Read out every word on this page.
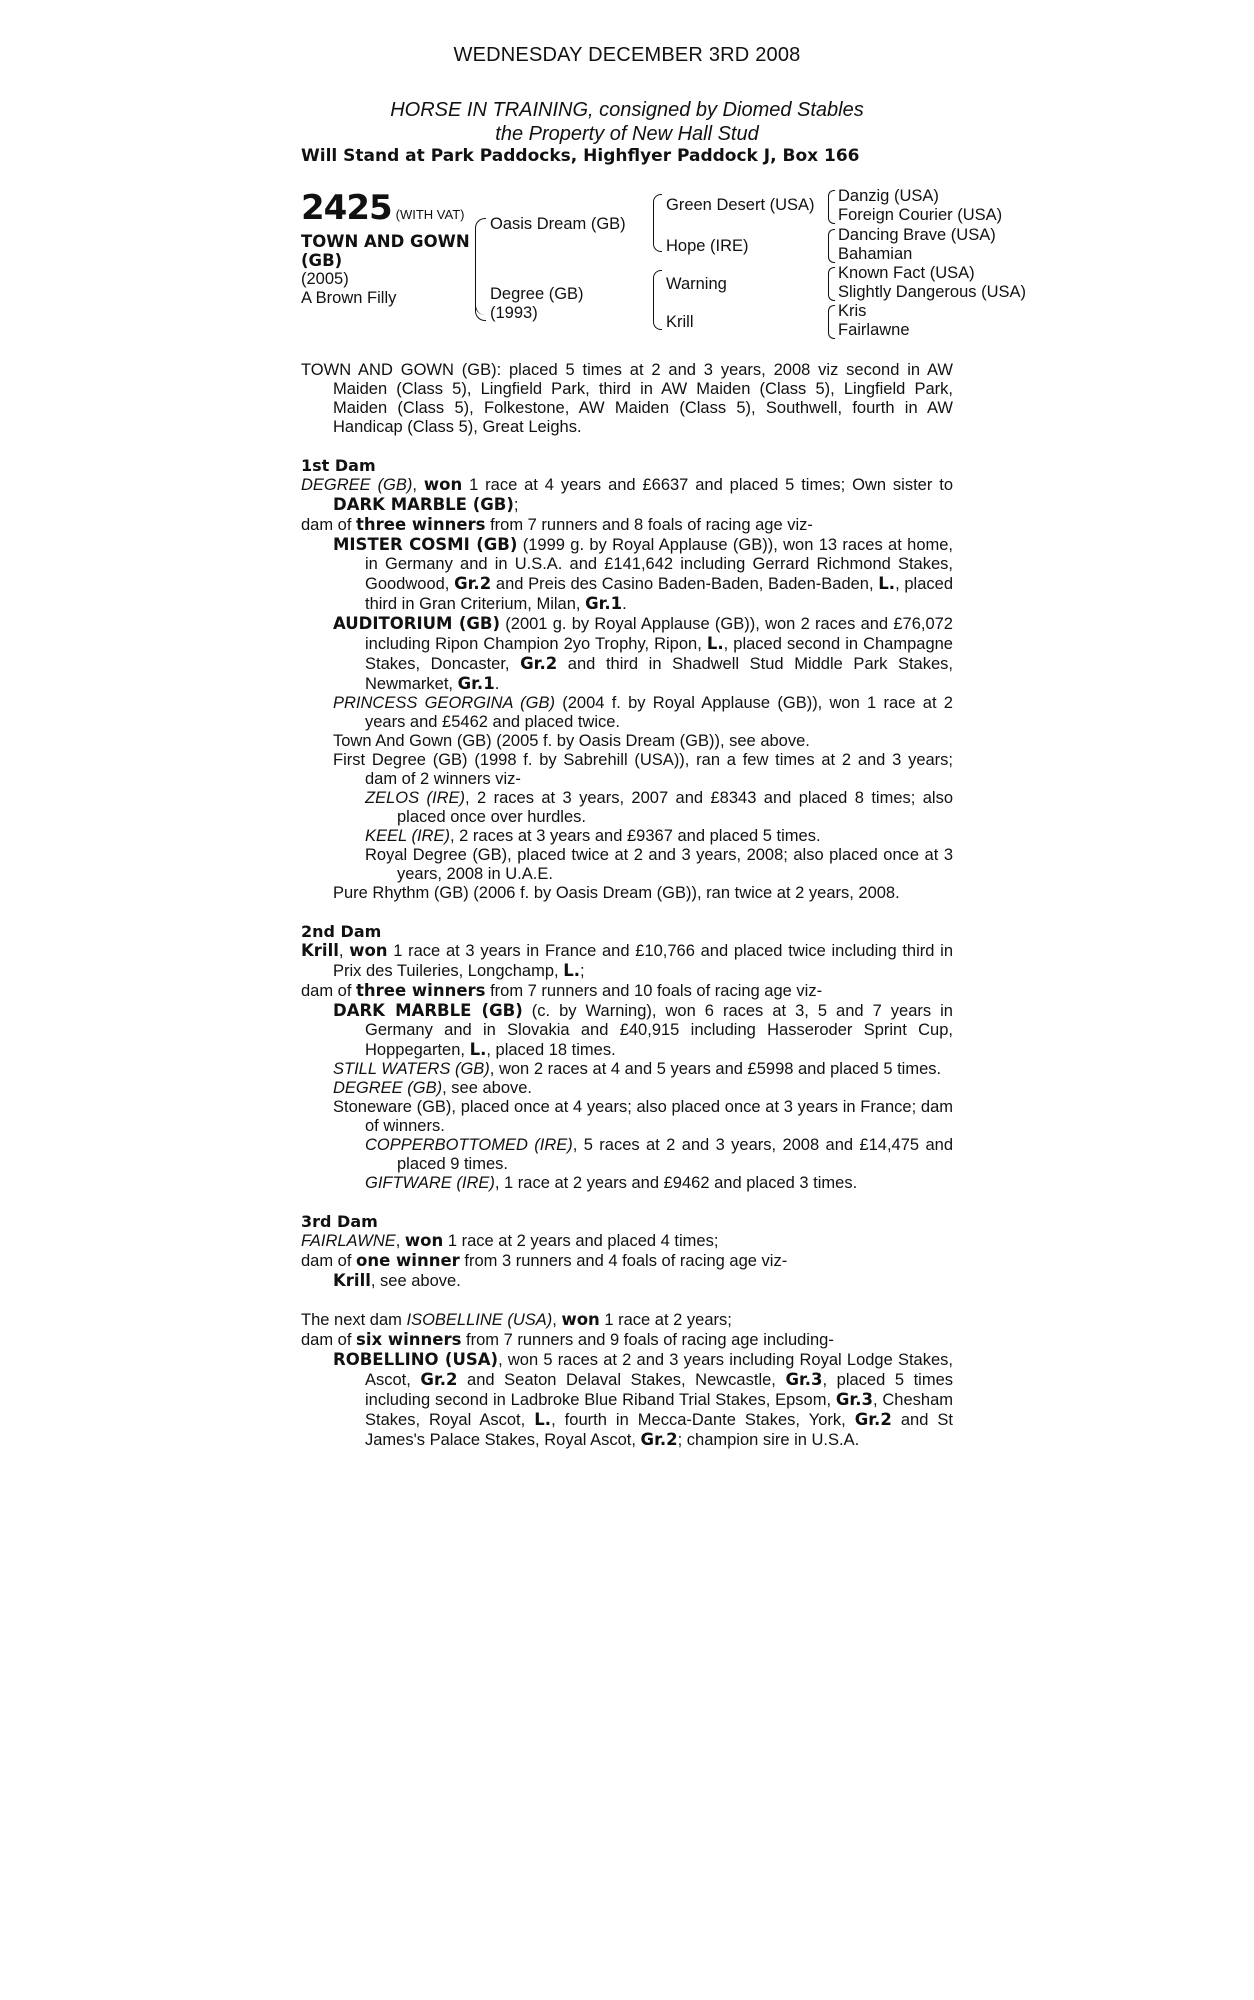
WEDNESDAY DECEMBER 3RD 2008
HORSE IN TRAINING, consigned by Diomed Stables
the Property of New Hall Stud
Will Stand at Park Paddocks, Highflyer Paddock J, Box 166
2425 (WITH VAT)
TOWN AND GOWN
(GB)
(2005)
A Brown Filly
Oasis Dream (GB)
Degree (GB)
(1993)
Green Desert (USA)
Hope (IRE)
Warning
Krill
Danzig (USA)
Foreign Courier (USA)
Dancing Brave (USA)
Bahamian
Known Fact (USA)
Slightly Dangerous (USA)
Kris
Fairlawne
TOWN AND GOWN (GB): placed 5 times at 2 and 3 years, 2008 viz second in AW Maiden (Class 5), Lingfield Park, third in AW Maiden (Class 5), Lingfield Park, Maiden (Class 5), Folkestone, AW Maiden (Class 5), Southwell, fourth in AW Handicap (Class 5), Great Leighs.
1st Dam
DEGREE (GB), won 1 race at 4 years and £6637 and placed 5 times; Own sister to DARK MARBLE (GB);
dam of three winners from 7 runners and 8 foals of racing age viz-
MISTER COSMI (GB) (1999 g. by Royal Applause (GB)), won 13 races at home, in Germany and in U.S.A. and £141,642 including Gerrard Richmond Stakes, Goodwood, Gr.2 and Preis des Casino Baden-Baden, Baden-Baden, L., placed third in Gran Criterium, Milan, Gr.1.
AUDITORIUM (GB) (2001 g. by Royal Applause (GB)), won 2 races and £76,072 including Ripon Champion 2yo Trophy, Ripon, L., placed second in Champagne Stakes, Doncaster, Gr.2 and third in Shadwell Stud Middle Park Stakes, Newmarket, Gr.1.
PRINCESS GEORGINA (GB) (2004 f. by Royal Applause (GB)), won 1 race at 2 years and £5462 and placed twice.
Town And Gown (GB) (2005 f. by Oasis Dream (GB)), see above.
First Degree (GB) (1998 f. by Sabrehill (USA)), ran a few times at 2 and 3 years; dam of 2 winners viz-
ZELOS (IRE), 2 races at 3 years, 2007 and £8343 and placed 8 times; also placed once over hurdles.
KEEL (IRE), 2 races at 3 years and £9367 and placed 5 times.
Royal Degree (GB), placed twice at 2 and 3 years, 2008; also placed once at 3 years, 2008 in U.A.E.
Pure Rhythm (GB) (2006 f. by Oasis Dream (GB)), ran twice at 2 years, 2008.
2nd Dam
Krill, won 1 race at 3 years in France and £10,766 and placed twice including third in Prix des Tuileries, Longchamp, L.;
dam of three winners from 7 runners and 10 foals of racing age viz-
DARK MARBLE (GB) (c. by Warning), won 6 races at 3, 5 and 7 years in Germany and in Slovakia and £40,915 including Hasseroder Sprint Cup, Hoppegarten, L., placed 18 times.
STILL WATERS (GB), won 2 races at 4 and 5 years and £5998 and placed 5 times.
DEGREE (GB), see above.
Stoneware (GB), placed once at 4 years; also placed once at 3 years in France; dam of winners.
COPPERBOTTOMED (IRE), 5 races at 2 and 3 years, 2008 and £14,475 and placed 9 times.
GIFTWARE (IRE), 1 race at 2 years and £9462 and placed 3 times.
3rd Dam
FAIRLAWNE, won 1 race at 2 years and placed 4 times;
dam of one winner from 3 runners and 4 foals of racing age viz-
Krill, see above.
The next dam ISOBELLINE (USA), won 1 race at 2 years;
dam of six winners from 7 runners and 9 foals of racing age including-
ROBELLINO (USA), won 5 races at 2 and 3 years including Royal Lodge Stakes, Ascot, Gr.2 and Seaton Delaval Stakes, Newcastle, Gr.3, placed 5 times including second in Ladbroke Blue Riband Trial Stakes, Epsom, Gr.3, Chesham Stakes, Royal Ascot, L., fourth in Mecca-Dante Stakes, York, Gr.2 and St James's Palace Stakes, Royal Ascot, Gr.2; champion sire in U.S.A.
